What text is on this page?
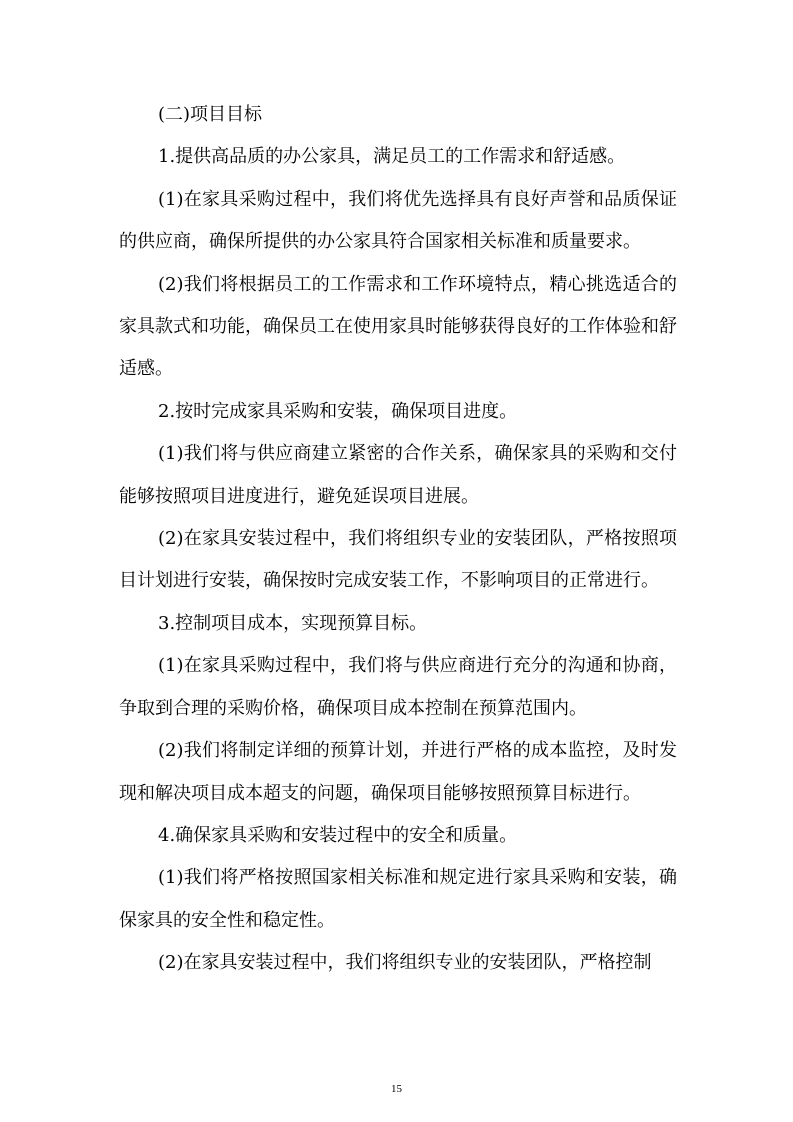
(二)项目目标

1.提供高品质的办公家具，满足员工的工作需求和舒适感。

(1)在家具采购过程中，我们将优先选择具有良好声誉和品质保证的供应商，确保所提供的办公家具符合国家相关标准和质量要求。

(2)我们将根据员工的工作需求和工作环境特点，精心挑选适合的家具款式和功能，确保员工在使用家具时能够获得良好的工作体验和舒适感。

2.按时完成家具采购和安装，确保项目进度。

(1)我们将与供应商建立紧密的合作关系，确保家具的采购和交付能够按照项目进度进行，避免延误项目进展。

(2)在家具安装过程中，我们将组织专业的安装团队，严格按照项目计划进行安装，确保按时完成安装工作，不影响项目的正常进行。

3.控制项目成本，实现预算目标。

(1)在家具采购过程中，我们将与供应商进行充分的沟通和协商，争取到合理的采购价格，确保项目成本控制在预算范围内。

(2)我们将制定详细的预算计划，并进行严格的成本监控，及时发现和解决项目成本超支的问题，确保项目能够按照预算目标进行。

4.确保家具采购和安装过程中的安全和质量。

(1)我们将严格按照国家相关标准和规定进行家具采购和安装，确保家具的安全性和稳定性。

(2)在家具安装过程中，我们将组织专业的安装团队，严格控制

15
